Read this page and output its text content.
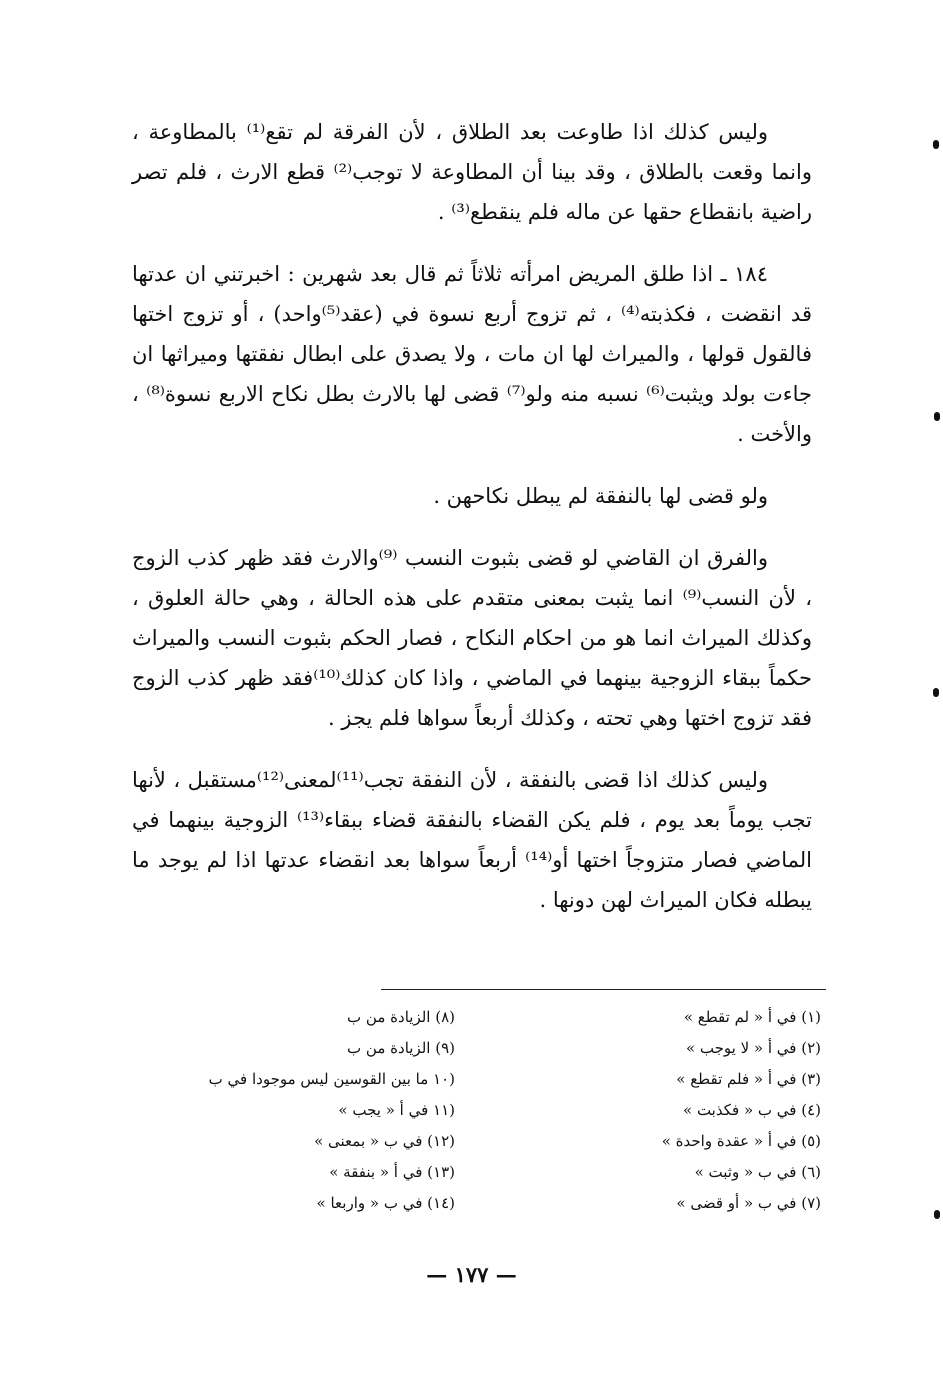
وليس كذلك اذا طاوعت بعد الطلاق ، لأن الفرقة لم تقع⁽¹⁾ بالمطاوعة ، وانما وقعت بالطلاق ، وقد بينا أن المطاوعة لا توجب⁽²⁾ قطع الارث ، فلم تصر راضية بانقطاع حقها عن ماله فلم ينقطع⁽³⁾ .

١٨٤ ـ اذا طلق المريض امرأته ثلاثاً ثم قال بعد شهرين : اخبرتني ان عدتها قد انقضت ، فكذبته⁽⁴⁾ ، ثم تزوج أربع نسوة في (عقد⁽⁵⁾واحد) ، أو تزوج اختها فالقول قولها ، والميراث لها ان مات ، ولا يصدق على ابطال نفقتها وميراثها ان جاءت بولد ويثبت⁽⁶⁾ نسبه منه ولو⁽⁷⁾ قضى لها بالارث بطل نكاح الاربع نسوة⁽⁸⁾ ، والأخت .

ولو قضى لها بالنفقة لم يبطل نكاحهن .

والفرق ان القاضي لو قضى بثبوت النسب ⁽⁹⁾والارث فقد ظهر كذب الزوج ، لأن النسب⁽⁹⁾ انما يثبت بمعنى متقدم على هذه الحالة ، وهي حالة العلوق ، وكذلك الميراث انما هو من احكام النكاح ، فصار الحكم بثبوت النسب والميراث حكماً ببقاء الزوجية بينهما في الماضي ، واذا كان كذلك⁽¹⁰⁾فقد ظهر كذب الزوج فقد تزوج اختها وهي تحته ، وكذلك أربعاً سواها فلم يجز .

وليس كذلك اذا قضى بالنفقة ، لأن النفقة تجب⁽¹¹⁾لمعنى⁽¹²⁾مستقبل ، لأنها تجب يوماً بعد يوم ، فلم يكن القضاء بالنفقة قضاء ببقاء⁽¹³⁾ الزوجية بينهما في الماضي فصار متزوجاً اختها أو⁽¹⁴⁾ أربعاً سواها بعد انقضاء عدتها اذا لم يوجد ما يبطله فكان الميراث لهن دونها .

(١) في أ « لم تقطع »
(٢) في أ « لا يوجب »
(٣) في أ « فلم تقطع »
(٤) في ب « فكذبت »
(٥) في أ « عقدة واحدة »
(٦) في ب « وثبت »
(٧) في ب « أو قضى »
(٨) الزيادة من ب
(٩) الزيادة من ب
(١٠ ما بين القوسين ليس موجودا في ب
(١١ في أ « يجب »
(١٢) في ب « بمعنى »
(١٣) في أ « بنفقة »
(١٤) في ب « واربعا »
— ١٧٧ —
